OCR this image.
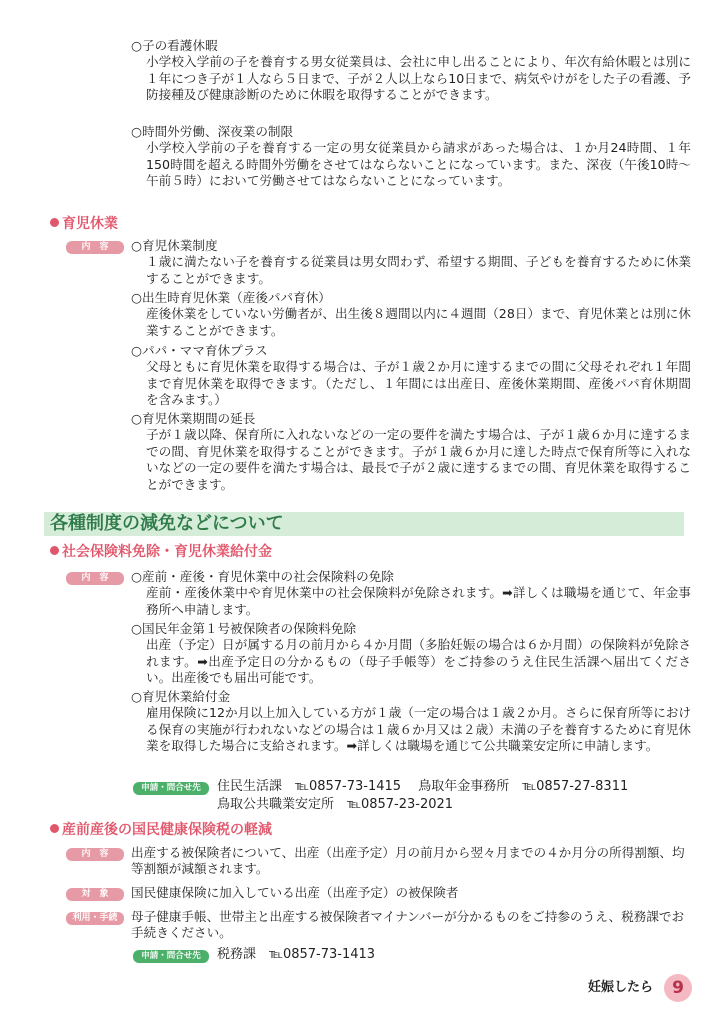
○子の看護休暇
小学校入学前の子を養育する男女従業員は、会社に申し出ることにより、年次有給休暇とは別に１年につき子が１人なら５日まで、子が２人以上なら10日まで、病気やけがをした子の看護、予防接種及び健康診断のために休暇を取得することができます。
○時間外労働、深夜業の制限
小学校入学前の子を養育する一定の男女従業員から請求があった場合は、１か月24時間、１年150時間を超える時間外労働をさせてはならないことになっています。また、深夜（午後10時～午前５時）において労働させてはならないことになっています。
育児休業
内　容	○育児休業制度
１歳に満たない子を養育する従業員は男女問わず、希望する期間、子どもを養育するために休業することができます。
○出生時育児休業（産後パパ育休）
産後休業をしていない労働者が、出生後８週間以内に４週間（28日）まで、育児休業とは別に休業することができます。
○パパ・ママ育休プラス
父母ともに育児休業を取得する場合は、子が１歳２か月に達するまでの間に父母それぞれ１年間まで育児休業を取得できます。（ただし、１年間には出産日、産後休業期間、産後パパ育休期間を含みます。）
○育児休業期間の延長
子が１歳以降、保育所に入れないなどの一定の要件を満たす場合は、子が１歳６か月に達するまでの間、育児休業を取得することができます。子が１歳６か月に達した時点で保育所等に入れないなどの一定の要件を満たす場合は、最長で子が２歳に達するまでの間、育児休業を取得することができます。
各種制度の減免などについて
社会保険料免除・育児休業給付金
内　容	○産前・産後・育児休業中の社会保険料の免除
産前・産後休業中や育児休業中の社会保険料が免除されます。➡詳しくは職場を通じて、年金事務所へ申請します。
○国民年金第１号被保険者の保険料免除
出産（予定）日が属する月の前月から４か月間（多胎妊娠の場合は６か月間）の保険料が免除されます。➡出産予定日の分かるもの（母子手帳等）をご持参のうえ住民生活課へ届出てください。出産後でも届出可能です。
○育児休業給付金
雇用保険に12か月以上加入している方が１歳（一定の場合は１歳２か月。さらに保育所等における保育の実施が行われないなどの場合は１歳６か月又は２歳）未満の子を養育するために育児休業を取得した場合に支給されます。➡詳しくは職場を通じて公共職業安定所に申請します。
申請・問合せ先	住民生活課　℡0857-73-1415　 鳥取年金事務所　℡0857-27-8311
鳥取公共職業安定所　℡0857-23-2021
産前産後の国民健康保険税の軽減
内　容	出産する被保険者について、出産（出産予定）月の前月から翌々月までの４か月分の所得割額、均等割額が減額されます。
対　象	国民健康保険に加入している出産（出産予定）の被保険者
利用・手続	母子健康手帳、世帯主と出産する被保険者マイナンバーが分かるものをご持参のうえ、税務課でお手続きください。
申請・問合せ先	税務課　℡0857-73-1413
妊娠したら	9
